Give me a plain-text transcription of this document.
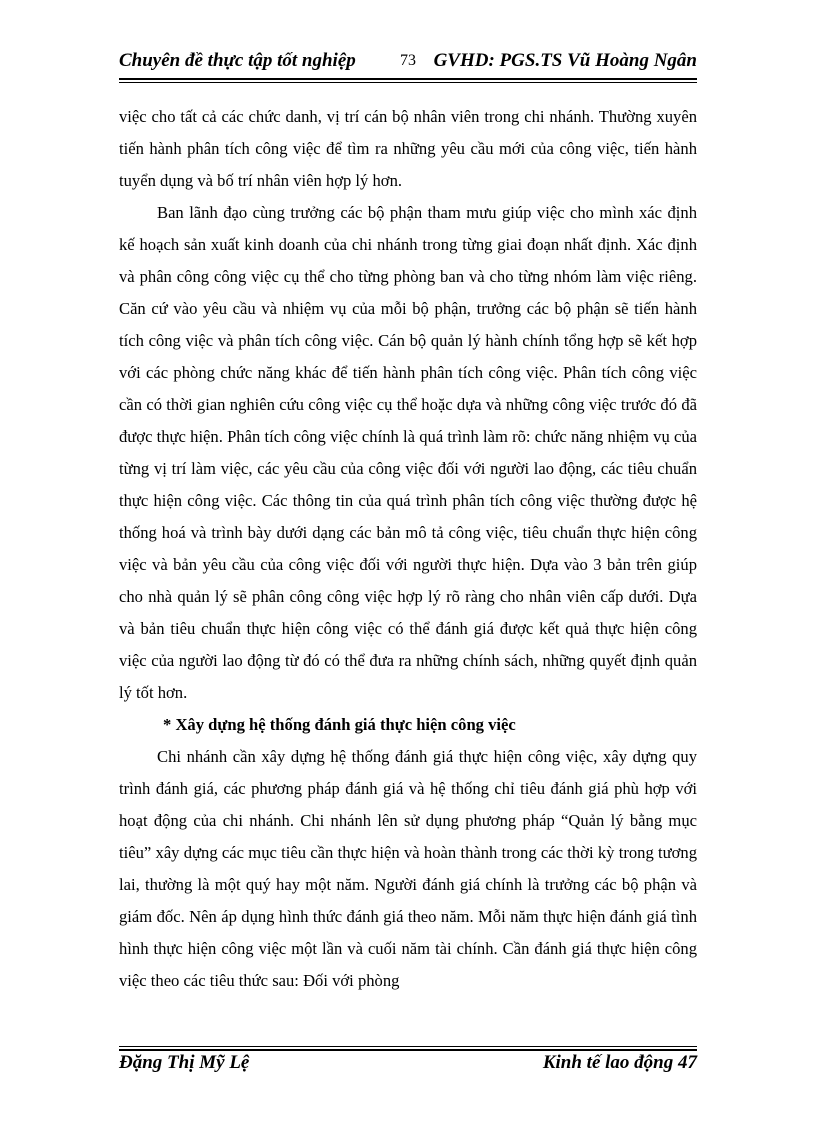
Chuyên đề thực tập tốt nghiệp	73 GVHD: PGS.TS Vũ Hoàng Ngân

việc cho tất cả các chức danh, vị trí cán bộ nhân viên trong chi nhánh. Thường xuyên tiến hành phân tích công việc để tìm ra những yêu cầu mới của công việc, tiến hành tuyển dụng và bố trí nhân viên hợp lý hơn.

Ban lãnh đạo cùng trưởng các bộ phận tham mưu giúp việc cho mình xác định kế hoạch sản xuất kinh doanh của chi nhánh trong từng giai đoạn nhất định. Xác định và phân công công việc cụ thể cho từng phòng ban và cho từng nhóm làm việc riêng. Căn cứ vào yêu cầu và nhiệm vụ của mỗi bộ phận, trưởng các bộ phận sẽ tiến hành tích công việc và phân tích công việc. Cán bộ quản lý hành chính tổng hợp sẽ kết hợp với các phòng chức năng khác để tiến hành phân tích công việc. Phân tích công việc cần có thời gian nghiên cứu công việc cụ thể hoặc dựa và những công việc trước đó đã được thực hiện. Phân tích công việc chính là quá trình làm rõ: chức năng nhiệm vụ của từng vị trí làm việc, các yêu cầu của công việc đối với người lao động, các tiêu chuẩn thực hiện công việc. Các thông tin của quá trình phân tích công việc thường được hệ thống hoá và trình bày dưới dạng các bản mô tả công việc, tiêu chuẩn thực hiện công việc và bản yêu cầu của công việc đối với người thực hiện. Dựa vào 3 bản trên giúp cho nhà quản lý sẽ phân công công việc hợp lý rõ ràng cho nhân viên cấp dưới. Dựa và bản tiêu chuẩn thực hiện công việc có thể đánh giá được kết quả thực hiện công việc của người lao động từ đó có thể đưa ra những chính sách, những quyết định quản lý tốt hơn.

* Xây dựng hệ thống đánh giá thực hiện công việc

Chi nhánh cần xây dựng hệ thống đánh giá thực hiện công việc, xây dựng quy trình đánh giá, các phương pháp đánh giá và hệ thống chỉ tiêu đánh giá phù hợp với hoạt động của chi nhánh. Chi nhánh lên sử dụng phương pháp “Quản lý bằng mục tiêu” xây dựng các mục tiêu cần thực hiện và hoàn thành trong các thời kỳ trong tương lai, thường là một quý hay một năm. Người đánh giá chính là trưởng các bộ phận và giám đốc. Nên áp dụng hình thức đánh giá theo năm. Mỗi năm thực hiện đánh giá tình hình thực hiện công việc một lần và cuối năm tài chính. Cần đánh giá thực hiện công việc theo các tiêu thức sau: Đối với phòng

Đặng Thị Mỹ Lệ	Kinh tế lao động 47
